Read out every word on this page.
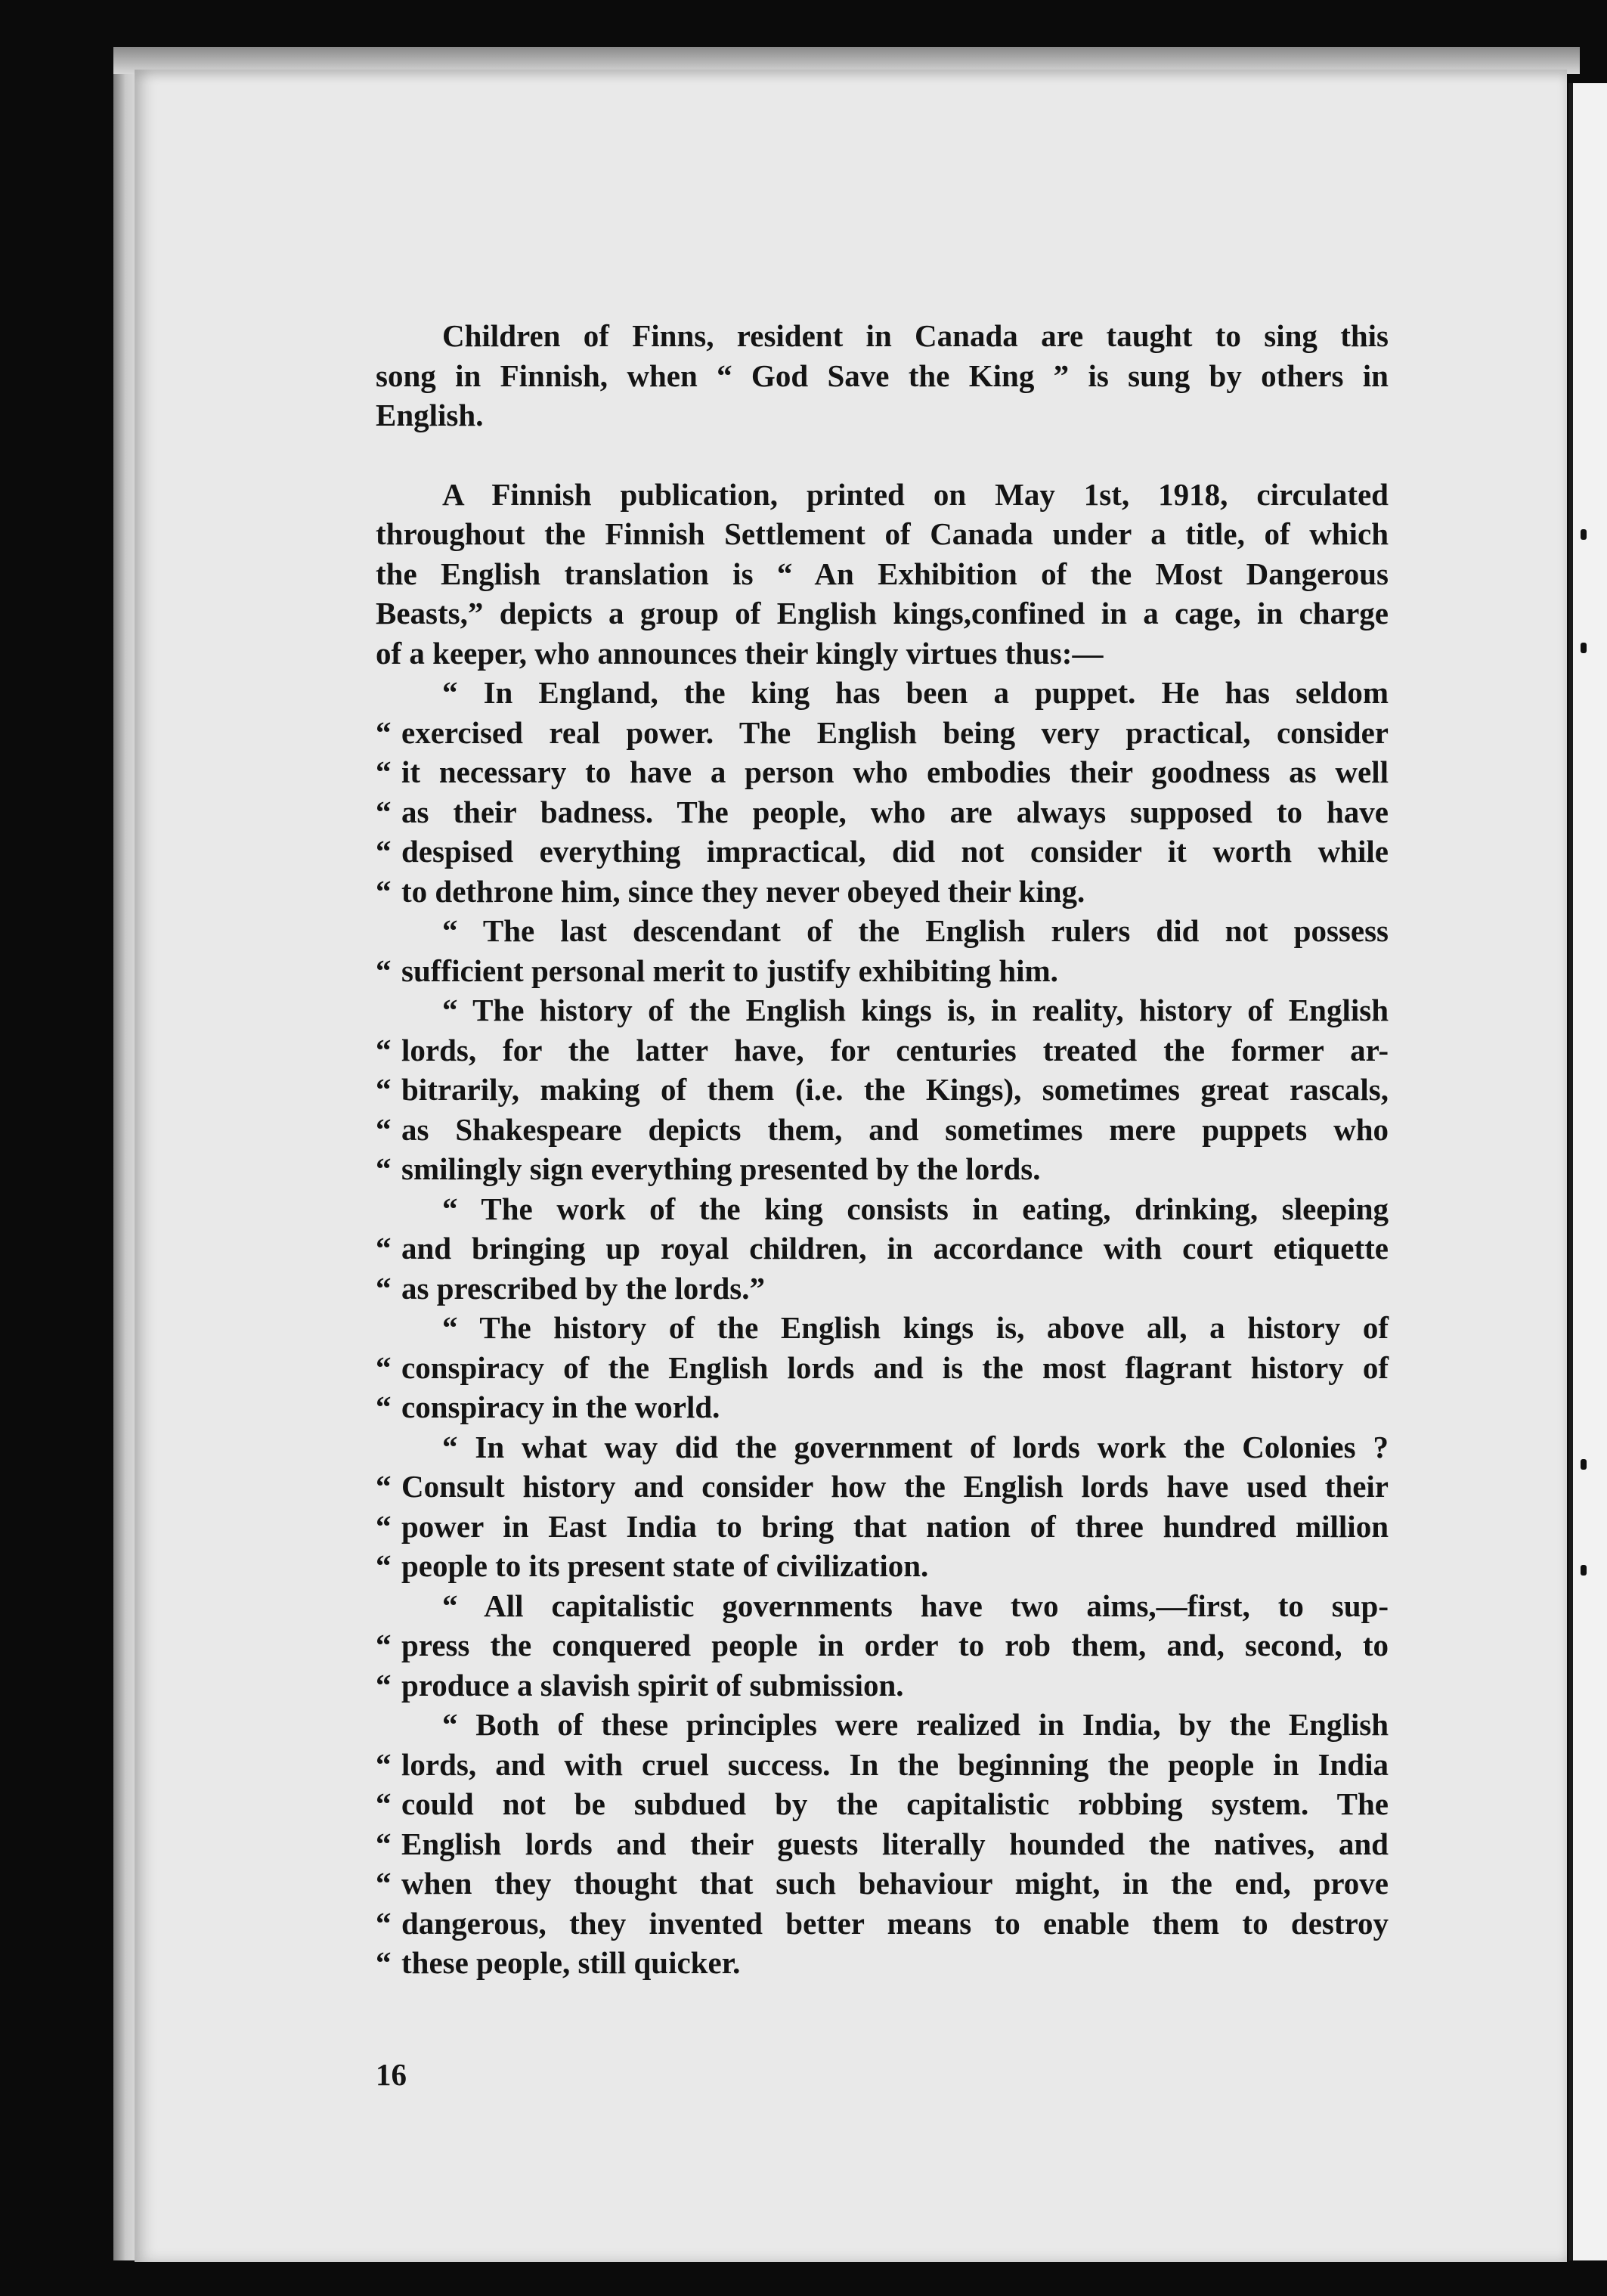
Children of Finns, resident in Canada are taught to sing this
song in Finnish, when “ God Save the King ” is sung by others in
English.
A Finnish publication, printed on May 1st, 1918, circulated
throughout the Finnish Settlement of Canada under a title, of which
the English translation is “ An Exhibition of the Most Dangerous
Beasts,” depicts a group of English kings,confined in a cage, in charge
of a keeper, who announces their kingly virtues thus:—
“ In England, the king has been a puppet. He has seldom
“ exercised real power. The English being very practical, consider
“ it necessary to have a person who embodies their goodness as well
“ as their badness. The people, who are always supposed to have
“ despised everything impractical, did not consider it worth while
“ to dethrone him, since they never obeyed their king.
“ The last descendant of the English rulers did not possess
“ sufficient personal merit to justify exhibiting him.
“ The history of the English kings is, in reality, history of English
“ lords, for the latter have, for centuries treated the former ar-
“ bitrarily, making of them (i.e. the Kings), sometimes great rascals,
“ as Shakespeare depicts them, and sometimes mere puppets who
“ smilingly sign everything presented by the lords.
“ The work of the king consists in eating, drinking, sleeping
“ and bringing up royal children, in accordance with court etiquette
“ as prescribed by the lords.”
“ The history of the English kings is, above all, a history of
“ conspiracy of the English lords and is the most flagrant history of
“ conspiracy in the world.
“ In what way did the government of lords work the Colonies ?
“ Consult history and consider how the English lords have used their
“ power in East India to bring that nation of three hundred million
“ people to its present state of civilization.
“ All capitalistic governments have two aims,—first, to sup-
“ press the conquered people in order to rob them, and, second, to
“ produce a slavish spirit of submission.
“ Both of these principles were realized in India, by the English
“ lords, and with cruel success. In the beginning the people in India
“ could not be subdued by the capitalistic robbing system. The
“ English lords and their guests literally hounded the natives, and
“ when they thought that such behaviour might, in the end, prove
“ dangerous, they invented better means to enable them to destroy
“ these people, still quicker.
16
